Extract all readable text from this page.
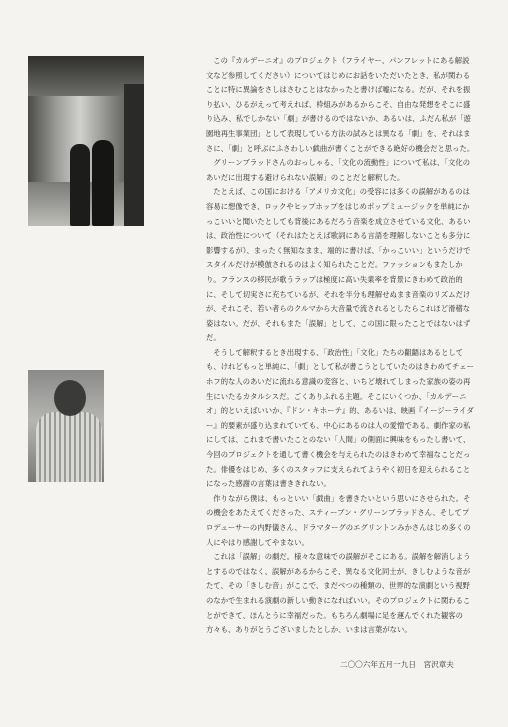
この『カルデーニオ』のプロジェクト（フライヤー、パンフレットにある解説文など参照してください）についてはじめにお話をいただいたとき、私が関わることに特に異論をさしはさむことはなかったと書けば嘘になる。だが、それを振り払い、ひるがえって考えれば、枠組みがあるからこそ、自由な発想をそこに盛り込み、私でしかない「劇」が書けるのではないか、あるいは、ふだん私が「遊園地再生事業団」として表現している方法の試みとは異なる「劇」を、それはまさに、「劇」と呼ぶにふさわしい戯曲が書くことができる絶好の機会だと思った。

グリーンブラッドさんのおっしゃる、「文化の流動性」について私は、「文化のあいだに出現する避けられない誤解」のことだと解釈した。

たとえば、この国における「アメリカ文化」の受容には多くの誤解があるのは容易に想像でき、ロックやヒップホップをはじめポップミュージックを単純にかっこいいと聞いたとしても背後にあるだろう音楽を成立させている文化、あるいは、政治性について（それはたとえば歌詞にある言語を理解しないことも多分に影響するが）、まったく無知なまま、端的に書けば、「かっこいい」というだけでスタイルだけが模倣されるのはよく知られたことだ。ファッションもまたしかり。フランスの移民が歌うラップは極度に高い失業率を背景にきわめて政治的に、そして切実さに充ちているが、それを半分も理解せぬまま音楽のリズムだけが、それこそ、若い者らのクルマから大音量で流されるとしたらこれほど滑稽な姿はない。だが、それもまた「誤解」として、この国に限ったことではないはずだ。

そうして解釈するとき出現する、「政治性」「文化」たちの齟齬はあるとしても、けれどもっと単純に、「劇」として私が書こうとしていたのはきわめてチェーホフ的な人のあいだに流れる意識の変容と、いちど壊れてしまった家族の姿の再生にいたるカタルシスだ。ごくありふれる主題。そこにいくつか、「カルデーニオ」的といえばいいか、『ドン・キホーテ』的、あるいは、映画『イージーライダー』的要素が盛り込まれていても、中心にあるのは人の愛憎である。劇作家の私にしては、これまで書いたことのない「人間」の側面に興味をもったし書いて、今回のプロジェクトを通して書く機会を与えられたのはきわめて幸福なことだった。俳優をはじめ、多くのスタッフに支えられてようやく初日を迎えられることになった感謝の言葉は書ききれない。

作りながら僕は、もっといい「戯曲」を書きたいという思いにさせられた。その機会をあたえてくださった、スティーブン・グリーンブラッドさん、そしてプロデューサーの内野儀さん、ドラマターグのエグリントンみかさんはじめ多くの人にやはり感謝してやまない。

これは「誤解」の劇だ。様々な意味での誤解がそこにある。誤解を解消しようとするのではなく、誤解があるからこそ、異なる文化同士が、きしむような音がたて、その「きしむ音」がここで、まだべつの種類の、世界的な演劇という視野のなかで生まれる演劇の新しい動きになればいい。そのプロジェクトに関わることができて、ほんとうに幸福だった。もちろん劇場に足を運んでくれた観客の方々も、ありがとうございましたとしか、いまは言葉がない。

二〇〇六年五月一九日　宮沢章夫
